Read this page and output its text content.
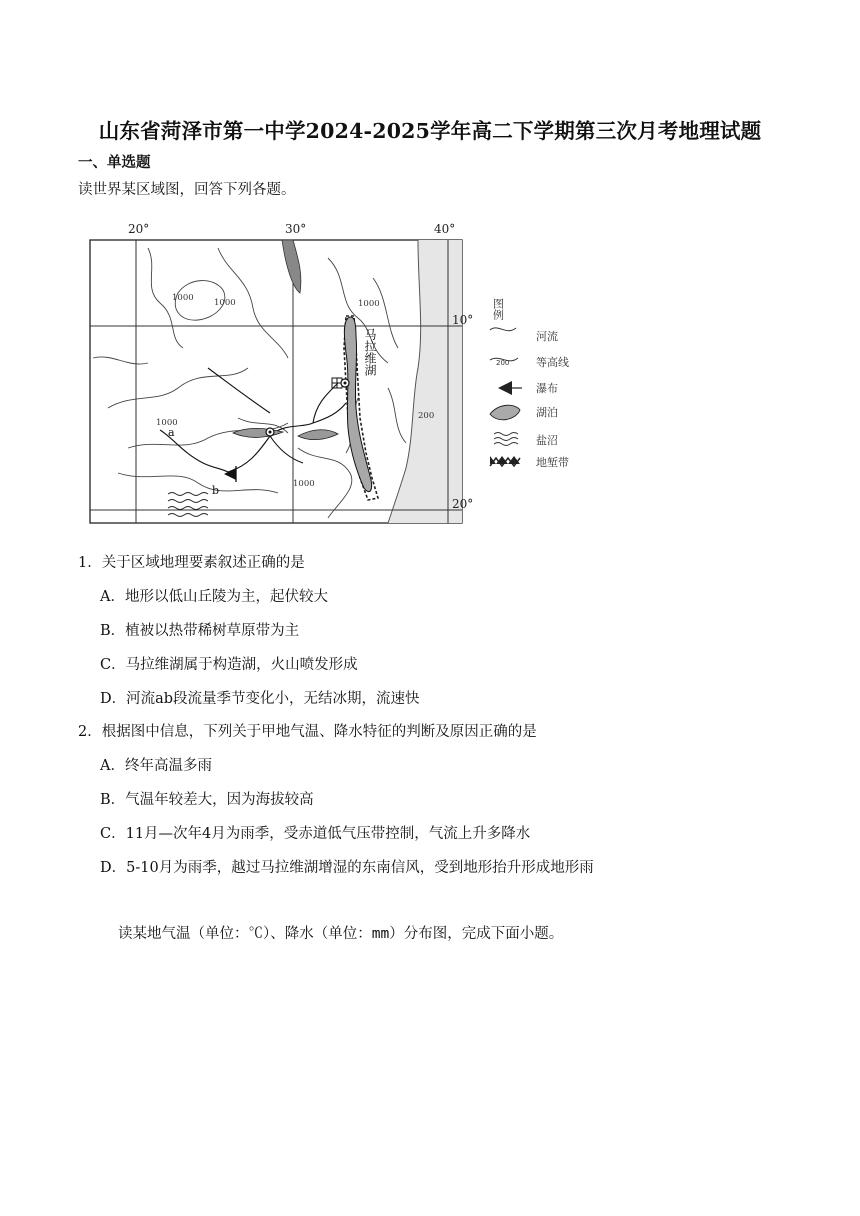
山东省菏泽市第一中学2024-2025学年高二下学期第三次月考地理试题
一、单选题
读世界某区域图，回答下列各题。
20°	30°	40°
10°
20°
1000 1000	1000
1000
1000
200
马拉维湖
a
b
图例
河流
200 等高线
瀑布
湖泊
盐沼
地堑带
1．关于区域地理要素叙述正确的是
A．地形以低山丘陵为主，起伏较大
B．植被以热带稀树草原带为主
C．马拉维湖属于构造湖，火山喷发形成
D．河流ab段流量季节变化小，无结冰期，流速快
2．根据图中信息，下列关于甲地气温、降水特征的判断及原因正确的是
A．终年高温多雨
B．气温年较差大，因为海拔较高
C．11月—次年4月为雨季，受赤道低气压带控制，气流上升多降水
D．5-10月为雨季，越过马拉维湖增湿的东南信风，受到地形抬升形成地形雨
读某地气温（单位：℃）、降水（单位：mm）分布图，完成下面小题。
